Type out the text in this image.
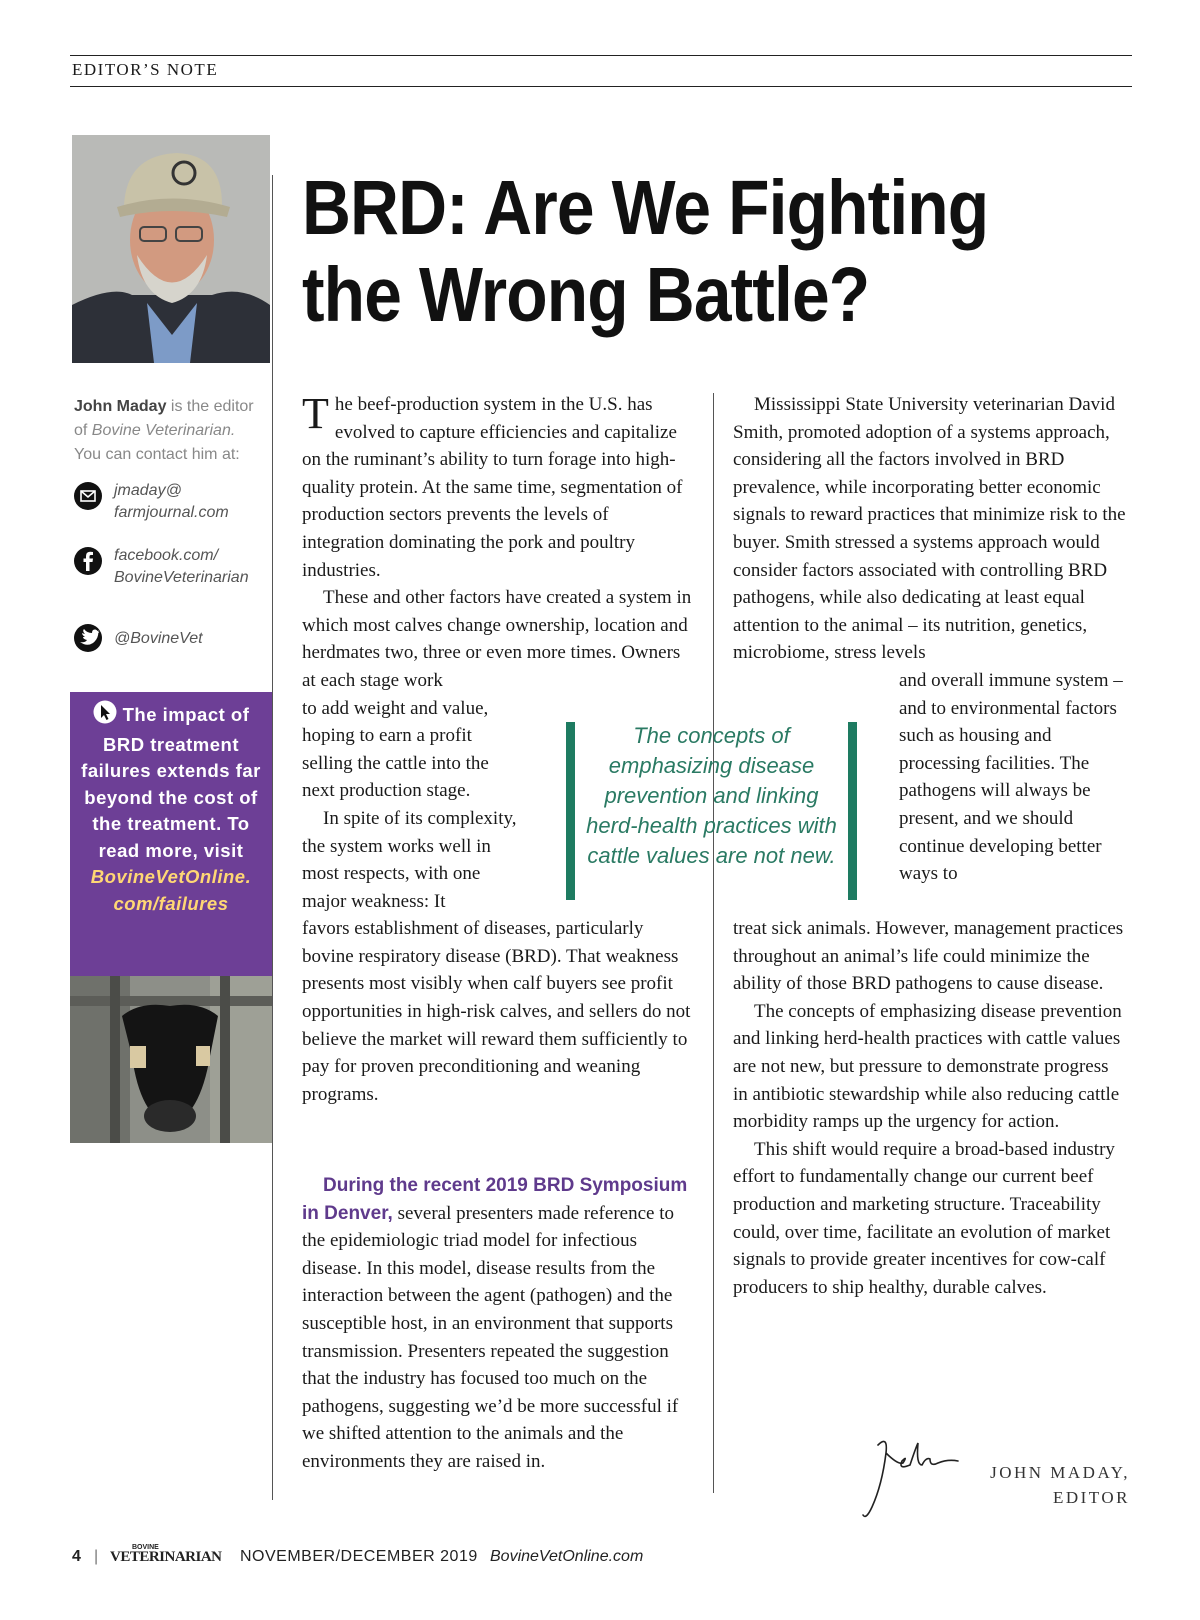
EDITOR’S NOTE
John Maday is the editor
of Bovine Veterinarian.
You can contact him at:
jmaday@
farmjournal.com
facebook.com/
BovineVeterinarian
@BovineVet
The impact of BRD treatment failures extends far beyond the cost of the treatment. To read more, visit
BovineVetOnline. com/failures
BRD: Are We Fighting
the Wrong Battle?

The beef-production system in the U.S. has evolved to capture efficiencies and capitalize on the ruminant’s ability to turn forage into high-quality protein. At the same time, segmentation of production sectors prevents the levels of integration dominating the pork and poultry industries.

These and other factors have created a system in which most calves change ownership, location and herdmates two, three or even more times. Owners at each stage work

to add weight and value, hoping to earn a profit selling the cattle into the next production stage.

In spite of its complexity, the system works well in most respects, with one major weakness: It

favors establishment of diseases, particularly bovine respiratory disease (BRD). That weakness presents most visibly when calf buyers see profit opportunities in high-risk calves, and sellers do not believe the market will reward them sufficiently to pay for proven preconditioning and weaning programs.

During the recent 2019 BRD Symposium in Denver, several presenters made reference to the epidemiologic triad model for infectious disease. In this model, disease results from the interaction between the agent (pathogen) and the susceptible host, in an environment that supports transmission. Presenters repeated the suggestion that the industry has focused too much on the pathogens, suggesting we’d be more successful if we shifted attention to the animals and the environments they are raised in.

Mississippi State University veterinarian David Smith, promoted adoption of a systems approach, considering all the factors involved in BRD prevalence, while incorporating better economic signals to reward practices that minimize risk to the buyer. Smith stressed a systems approach would consider factors associated with controlling BRD pathogens, while also dedicating at least equal attention to the animal – its nutrition, genetics, microbiome, stress levels

and overall immune system – and to environmental factors such as housing and processing facilities. The pathogens will always be present, and we should continue developing better ways to

treat sick animals. However, management practices throughout an animal’s life could minimize the ability of those BRD pathogens to cause disease.

The concepts of emphasizing disease prevention and linking herd-health practices with cattle values are not new, but pressure to demonstrate progress in antibiotic stewardship while also reducing cattle morbidity ramps up the urgency for action.

This shift would require a broad-based industry effort to fundamentally change our current beef production and marketing structure. Traceability could, over time, facilitate an evolution of market signals to provide greater incentives for cow-calf producers to ship healthy, durable calves.

The concepts of emphasizing disease prevention and linking herd-health practices with cattle values are not new.
JOHN MADAY,
EDITOR
4 |
BOVINE
VETERINARIAN NOVEMBER/DECEMBER 2019 BovineVetOnline.com
